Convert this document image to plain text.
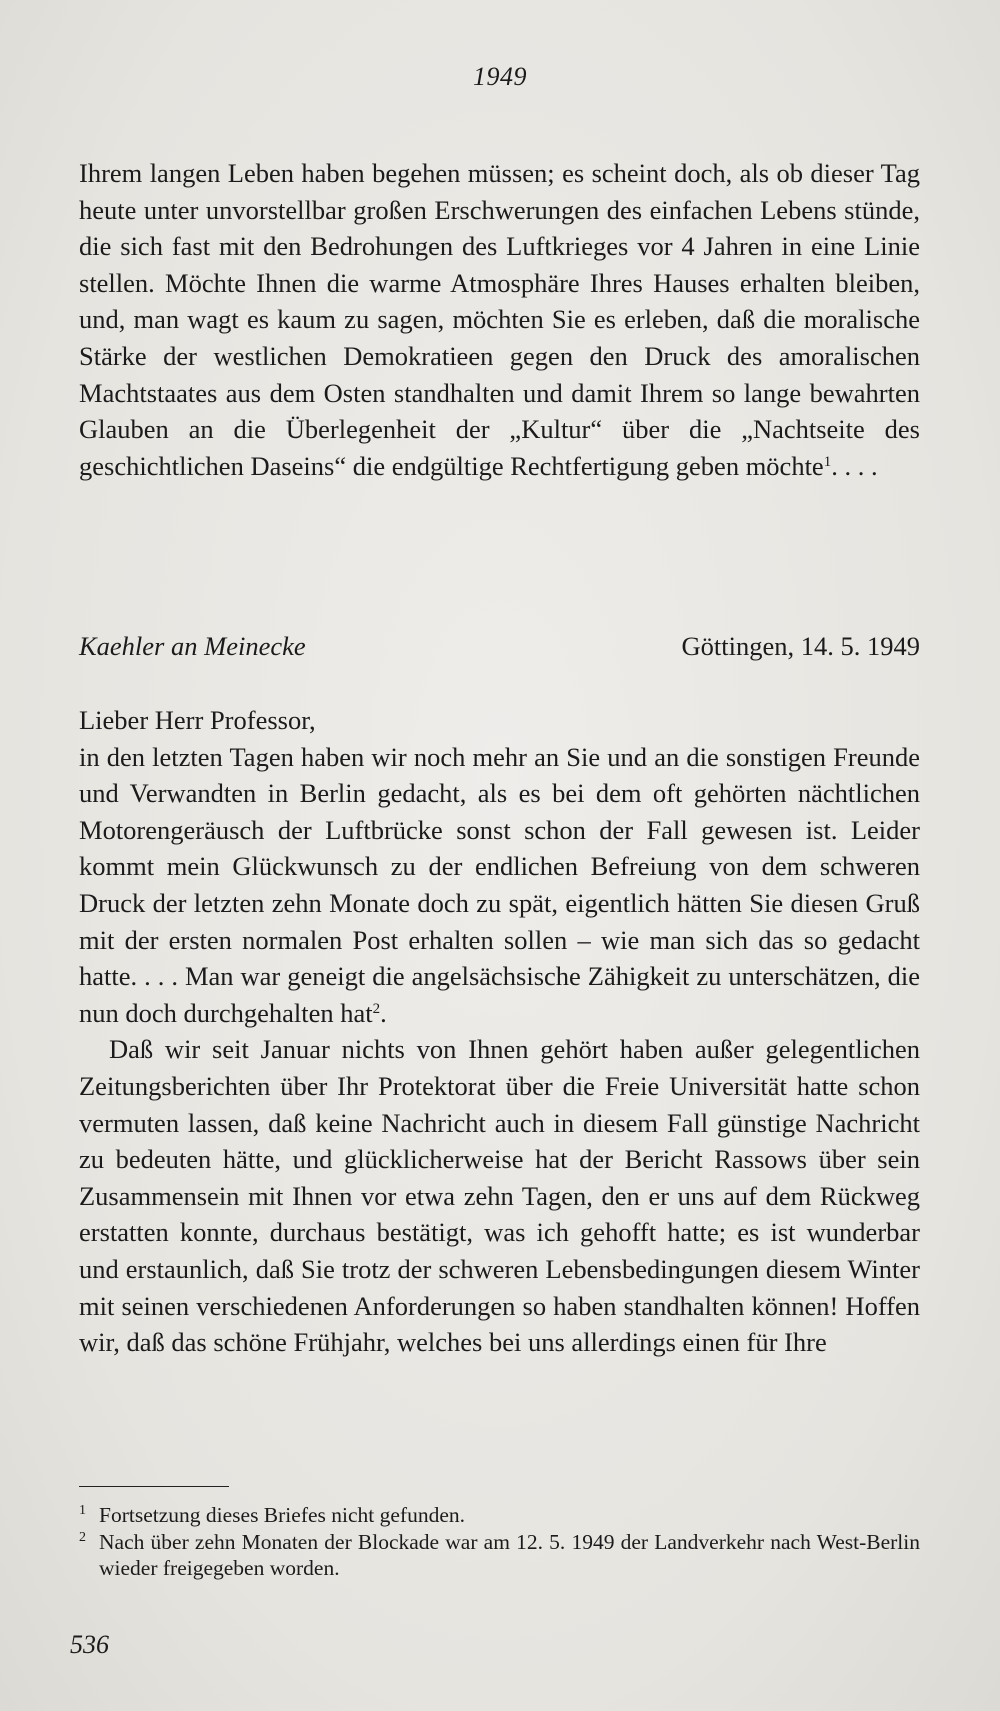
1949

Ihrem langen Leben haben begehen müssen; es scheint doch, als ob dieser Tag heute unter unvorstellbar großen Erschwerungen des einfachen Lebens stünde, die sich fast mit den Bedrohungen des Luftkrieges vor 4 Jahren in eine Linie stellen. Möchte Ihnen die warme Atmosphäre Ihres Hauses erhalten bleiben, und, man wagt es kaum zu sagen, möchten Sie es erleben, daß die moralische Stärke der westlichen Demokratieen gegen den Druck des amoralischen Machtstaates aus dem Osten standhalten und damit Ihrem so lange bewahrten Glauben an die Überlegenheit der „Kultur“ über die „Nachtseite des geschichtlichen Daseins“ die endgültige Rechtfertigung geben möchte$^1$. . . .

Kaehler an Meinecke	Göttingen, 14. 5. 1949

Lieber Herr Professor,

in den letzten Tagen haben wir noch mehr an Sie und an die sonstigen Freunde und Verwandten in Berlin gedacht, als es bei dem oft gehörten nächtlichen Motorengeräusch der Luftbrücke sonst schon der Fall gewesen ist. Leider kommt mein Glückwunsch zu der endlichen Befreiung von dem schweren Druck der letzten zehn Monate doch zu spät, eigentlich hätten Sie diesen Gruß mit der ersten normalen Post erhalten sollen – wie man sich das so gedacht hatte. . . . Man war geneigt die angelsächsische Zähigkeit zu unterschätzen, die nun doch durchgehalten hat$^2$.

Daß wir seit Januar nichts von Ihnen gehört haben außer gelegentlichen Zeitungsberichten über Ihr Protektorat über die Freie Universität hatte schon vermuten lassen, daß keine Nachricht auch in diesem Fall günstige Nachricht zu bedeuten hätte, und glücklicherweise hat der Bericht Rassows über sein Zusammensein mit Ihnen vor etwa zehn Tagen, den er uns auf dem Rückweg erstatten konnte, durchaus bestätigt, was ich gehofft hatte; es ist wunderbar und erstaunlich, daß Sie trotz der schweren Lebensbedingungen diesem Winter mit seinen verschiedenen Anforderungen so haben standhalten können! Hoffen wir, daß das schöne Frühjahr, welches bei uns allerdings einen für Ihre

1 Fortsetzung dieses Briefes nicht gefunden.
2 Nach über zehn Monaten der Blockade war am 12. 5. 1949 der Landverkehr nach West-Berlin wieder freigegeben worden.
536
